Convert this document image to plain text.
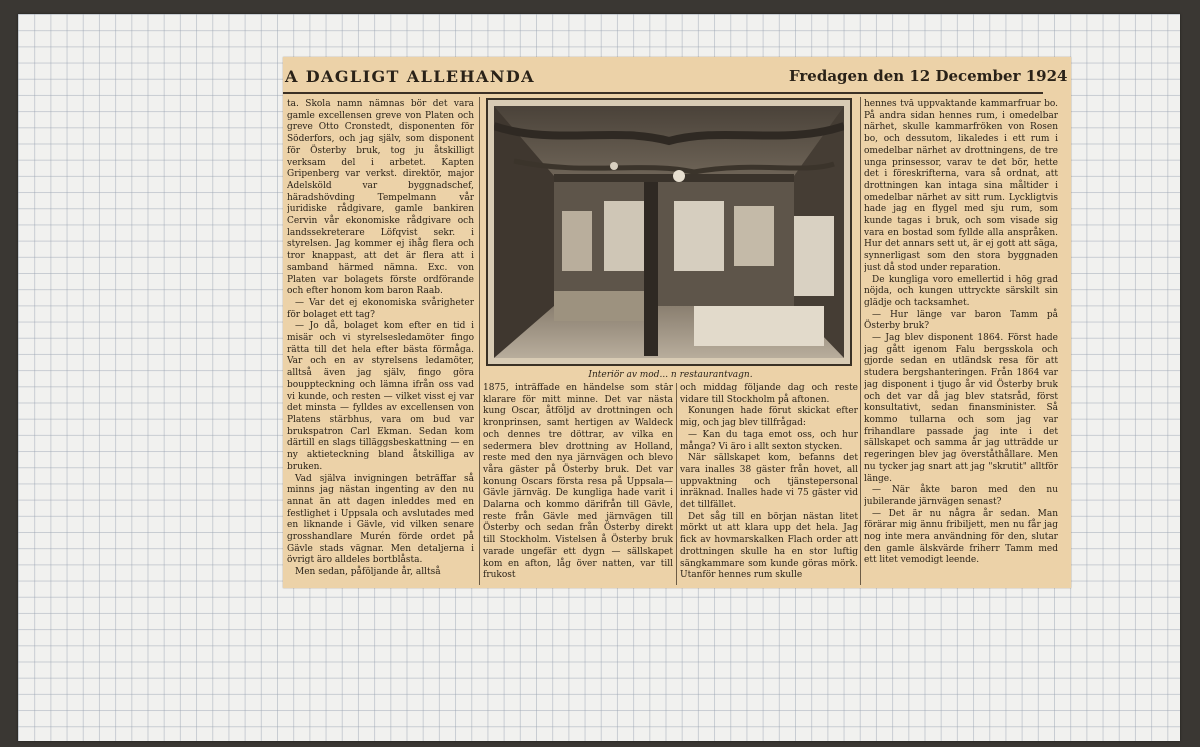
A DAGLIGT ALLEHANDA	Fredagen den 12 December 1924

ta. Skola namn nämnas bör det vara gamle excellensen greve von Platen och greve Otto Cronstedt, disponenten för Söderfors, och jag själv, som disponent för Österby bruk, tog ju åtskilligt verksam del i arbetet. Kapten Gripenberg var verkst. direktör, major Adelsköld var byggnadschef, häradshövding Tempelmann vår juridiske rådgivare, gamle bankiren Cervin vår ekonomiske rådgivare och landssekreterare Löfqvist sekr. i styrelsen. Jag kommer ej ihåg flera och tror knappast, att det är flera att i samband härmed nämna. Exc. von Platen var bolagets förste ordförande och efter honom kom baron Raab.

— Var det ej ekonomiska svårigheter för bolaget ett tag?

— Jo då, bolaget kom efter en tid i misär och vi styrelsesledamöter fingo rätta till det hela efter bästa förmåga. Var och en av styrelsens ledamöter, alltså även jag själv, fingo göra bouppteckning och lämna ifrån oss vad vi kunde, och resten — vilket visst ej var det minsta — fylldes av excellensen von Platens stärbhus, vara om bud var brukspatron Carl Ekman. Sedan kom därtill en slags tilläggsbeskattning — en ny aktieteckning bland åtskilliga av bruken.

Vad själva invigningen beträffar så minns jag nästan ingenting av den nu annat än att dagen inleddes med en festlighet i Uppsala och avslutades med en liknande i Gävle, vid vilken senare grosshandlare Murén förde ordet på Gävle stads vägnar. Men detaljerna i övrigt äro alldeles bortblåsta.

Men sedan, påföljande år, alltså

Interiör av mod... n restaurantvagn.

1875, inträffade en händelse som står klarare för mitt minne. Det var nästa kung Oscar, åtföljd av drottningen och kronprinsen, samt hertigen av Waldeck och dennes tre döttrar, av vilka en sedermera blev drottning av Holland, reste med den nya järnvägen och blevo våra gäster på Österby bruk. Det var konung Oscars första resa på Uppsala—Gävle järnväg. De kungliga hade varit i Dalarna och kommo därifrån till Gävle, reste från Gävle med järnvägen till Österby och sedan från Österby direkt till Stockholm. Vistelsen å Österby bruk varade ungefär ett dygn — sällskapet kom en afton, låg över natten, var till frukost

och middag följande dag och reste vidare till Stockholm på aftonen.

Konungen hade förut skickat efter mig, och jag blev tillfrågad:

— Kan du taga emot oss, och hur många? Vi äro i allt sexton stycken.

När sällskapet kom, befanns det vara inalles 38 gäster från hovet, all uppvaktning och tjänstepersonal inräknad. Inalles hade vi 75 gäster vid det tillfället.

Det såg till en början nästan litet mörkt ut att klara upp det hela. Jag fick av hovmarskalken Flach order att drottningen skulle ha en stor luftig sängkammare som kunde göras mörk. Utanför hennes rum skulle

hennes två uppvaktande kammarfruar bo. På andra sidan hennes rum, i omedelbar närhet, skulle kammarfröken von Rosen bo, och dessutom, likaledes i ett rum i omedelbar närhet av drottningens, de tre unga prinsessor, varav te det bör, hette det i föreskrifterna, vara så ordnat, att drottningen kan intaga sina måltider i omedelbar närhet av sitt rum. Lyckligtvis hade jag en flygel med sju rum, som kunde tagas i bruk, och som visade sig vara en bostad som fyllde alla anspråken. Hur det annars sett ut, är ej gott att säga, synnerligast som den stora byggnaden just då stod under reparation.

De kungliga voro emellertid i hög grad nöjda, och kungen uttryckte särskilt sin glädje och tacksamhet.

— Hur länge var baron Tamm på Österby bruk?

— Jag blev disponent 1864. Först hade jag gått igenom Falu bergsskola och gjorde sedan en utländsk resa för att studera bergshanteringen. Från 1864 var jag disponent i tjugo år vid Österby bruk och det var då jag blev statsråd, först konsultativt, sedan finansminister. Så kommo tullarna och som jag var frihandlare passade jag inte i det sällskapet och samma år jag utträdde ur regeringen blev jag överståthållare. Men nu tycker jag snart att jag "skrutit" alltför länge.

— När åkte baron med den nu jubilerande järnvägen senast?

— Det är nu några år sedan. Man förärar mig ännu fribiljett, men nu får jag nog inte mera användning för den, slutar den gamle älskvärde friherr Tamm med ett litet vemodigt leende.
